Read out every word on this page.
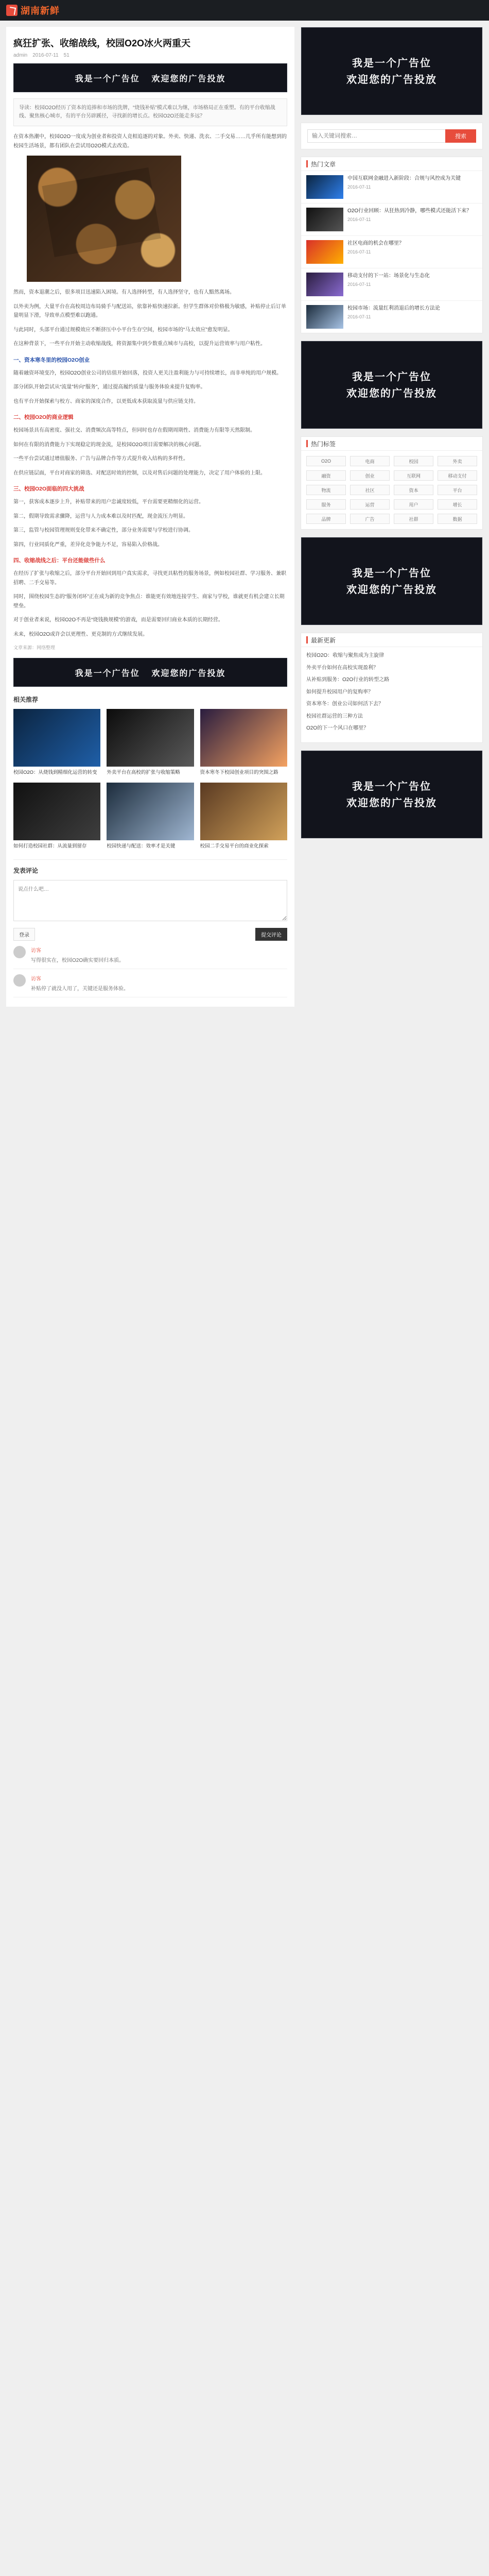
湖南新鲜
疯狂扩张、收缩战线，校园O2O冰火两重天
admin 2016-07-11 51
我是一个广告位 欢迎您的广告投放
导读：校园O2O经历了资本的追捧和市场的洗牌，“烧钱补贴”模式难以为继，市场格局正在重塑。有的平台收缩战线、聚焦核心城市，有的平台另辟蹊径，寻找新的增长点。校园O2O还能走多远？

在资本热潮中，校园O2O一度成为创业者和投资人竞相追逐的对象。外卖、快递、洗衣、二手交易……几乎所有能想到的校园生活场景，都有团队在尝试用O2O模式去改造。

然而，资本退潮之后，很多项目迅速陷入困境。有人选择转型，有人选择坚守，也有人黯然离场。

以外卖为例，大量平台在高校周边布局骑手与配送站，依靠补贴快速拉新。但学生群体对价格极为敏感，补贴停止后订单量明显下滑，导致单点模型难以跑通。

与此同时，头部平台通过规模效应不断挤压中小平台生存空间，校园市场的“马太效应”愈发明显。

在这种背景下，一些平台开始主动收缩战线，将资源集中到少数重点城市与高校，以提升运营效率与用户粘性。

一、资本寒冬里的校园O2O创业

随着融资环境变冷，校园O2O创业公司的估值开始回落，投资人更关注盈利能力与可持续增长，而非单纯的用户规模。

部分团队开始尝试从“流量”转向“服务”，通过提高履约质量与服务体验来提升复购率。

也有平台开始探索与校方、商家的深度合作，以更低成本获取流量与供应链支持。

二、校园O2O的商业逻辑

校园场景具有高密度、强社交、消费频次高等特点，但同时也存在假期周期性、消费能力有限等天然限制。

如何在有限的消费能力下实现稳定的现金流，是校园O2O项目需要解决的核心问题。

一些平台尝试通过增值服务、广告与品牌合作等方式提升收入结构的多样性。

在供应链层面，平台对商家的筛选、对配送时效的控制，以及对售后问题的处理能力，决定了用户体验的上限。

三、校园O2O面临的四大挑战

第一，获客成本逐步上升，补贴带来的用户忠诚度较低，平台需要更精细化的运营。

第二，假期导致需求骤降，运营与人力成本难以及时匹配，现金流压力明显。

第三，监管与校园管理规则变化带来不确定性，部分业务需要与学校进行协调。

第四，行业同质化严重，差异化竞争能力不足，容易陷入价格战。

四、收缩战线之后：平台还能做些什么

在经历了扩张与收缩之后，部分平台开始回到用户真实需求，寻找更具粘性的服务场景，例如校园社群、学习服务、兼职招聘、二手交易等。

同时，围绕校园生态的“服务闭环”正在成为新的竞争焦点：谁能更有效地连接学生、商家与学校，谁就更有机会建立长期壁垒。

对于创业者来说，校园O2O不再是“烧钱换规模”的游戏，而是需要回归商业本质的长期经营。

未来，校园O2O或许会以更理性、更克制的方式继续发展。

文章来源：网络整理
我是一个广告位 欢迎您的广告投放
相关推荐
校园O2O：从烧钱到精细化运营的转变	外卖平台在高校的扩张与收缩策略	资本寒冬下校园创业项目的突围之路
如何打造校园社群：从流量到留存	校园快递与配送：效率才是关键	校园二手交易平台的商业化探索
发表评论
说点什么吧…
登录	提交评论
访客
写得很实在，校园O2O确实要回归本质。
访客
补贴停了就没人用了，关键还是服务体验。
我是一个广告位
欢迎您的广告投放
输入关键词搜索…
搜索
热门文章
中国互联网金融进入新阶段：合规与风控成为关键
2016-07-11
O2O行业回顾：从狂热到冷静，哪些模式还能活下来？
2016-07-11
社区电商的机会在哪里？
2016-07-11
移动支付的下一站：场景化与生态化
2016-07-11
校园市场：流量红利消退后的增长方法论
2016-07-11
我是一个广告位
欢迎您的广告投放
热门标签
O2O	电商	校园	外卖
融资	创业	互联网	移动支付
物流	社区	资本	平台
服务	运营	用户	增长
品牌	广告	社群	数据
我是一个广告位
欢迎您的广告投放
最新更新
校园O2O：收缩与聚焦成为主旋律
外卖平台如何在高校实现盈利？
从补贴到服务：O2O行业的转型之路
如何提升校园用户的复购率？
资本寒冬：创业公司如何活下去？
校园社群运营的三种方法
O2O的下一个风口在哪里？
我是一个广告位
欢迎您的广告投放
